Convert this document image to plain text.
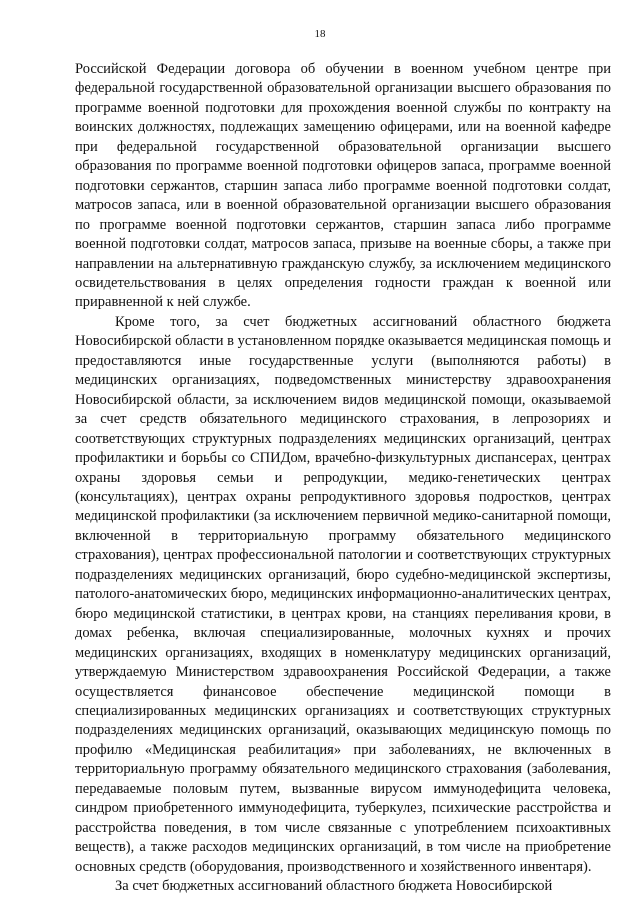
18

Российской Федерации договора об обучении в военном учебном центре при федеральной государственной образовательной организации высшего образования по программе военной подготовки для прохождения военной службы по контракту на воинских должностях, подлежащих замещению офицерами, или на военной кафедре при федеральной государственной образовательной организации высшего образования по программе военной подготовки офицеров запаса, программе военной подготовки сержантов, старшин запаса либо программе военной подготовки солдат, матросов запаса, или в военной образовательной организации высшего образования по программе военной подготовки сержантов, старшин запаса либо программе военной подготовки солдат, матросов запаса, призыве на военные сборы, а также при направлении на альтернативную гражданскую службу, за исключением медицинского освидетельствования в целях определения годности граждан к военной или приравненной к ней службе.

Кроме того, за счет бюджетных ассигнований областного бюджета Новосибирской области в установленном порядке оказывается медицинская помощь и предоставляются иные государственные услуги (выполняются работы) в медицинских организациях, подведомственных министерству здравоохранения Новосибирской области, за исключением видов медицинской помощи, оказываемой за счет средств обязательного медицинского страхования, в лепрозориях и соответствующих структурных подразделениях медицинских организаций, центрах профилактики и борьбы со СПИДом, врачебно-физкультурных диспансерах, центрах охраны здоровья семьи и репродукции, медико-генетических центрах (консультациях), центрах охраны репродуктивного здоровья подростков, центрах медицинской профилактики (за исключением первичной медико-санитарной помощи, включенной в территориальную программу обязательного медицинского страхования), центрах профессиональной патологии и соответствующих структурных подразделениях медицинских организаций, бюро судебно-медицинской экспертизы, патолого-анатомических бюро, медицинских информационно-аналитических центрах, бюро медицинской статистики, в центрах крови, на станциях переливания крови, в домах ребенка, включая специализированные, молочных кухнях и прочих медицинских организациях, входящих в номенклатуру медицинских организаций, утверждаемую Министерством здравоохранения Российской Федерации, а также осуществляется финансовое обеспечение медицинской помощи в специализированных медицинских организациях и соответствующих структурных подразделениях медицинских организаций, оказывающих медицинскую помощь по профилю «Медицинская реабилитация» при заболеваниях, не включенных в территориальную программу обязательного медицинского страхования (заболевания, передаваемые половым путем, вызванные вирусом иммунодефицита человека, синдром приобретенного иммунодефицита, туберкулез, психические расстройства и расстройства поведения, в том числе связанные с употреблением психоактивных веществ), а также расходов медицинских организаций, в том числе на приобретение основных средств (оборудования, производственного и хозяйственного инвентаря).

За счет бюджетных ассигнований областного бюджета Новосибирской
